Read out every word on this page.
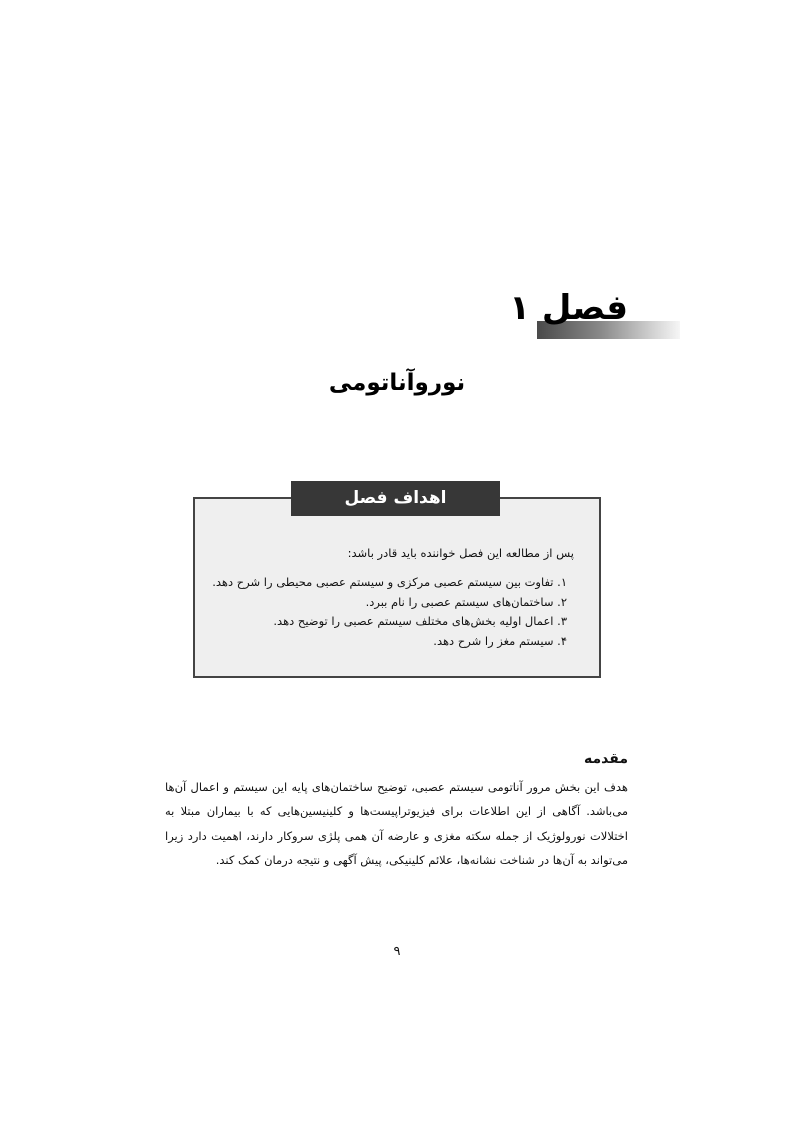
فصل ۱
نوروآناتومی
اهداف فصل

پس از مطالعه این فصل خواننده باید قادر باشد:

۱. تفاوت بین سیستم عصبی مرکزی و سیستم عصبی محیطی را شرح دهد.
۲. ساختمان‌های سیستم عصبی را نام ببرد.
۳. اعمال اولیه بخش‌های مختلف سیستم عصبی را توضیح دهد.
۴. سیستم مغز را شرح دهد.
مقدمه

هدف این بخش مرور آناتومی سیستم عصبی، توضیح ساختمان‌های پایه این سیستم و اعمال آن‌ها می‌باشد. آگاهی از این اطلاعات برای فیزیوتراپیست‌ها و کلینیسین‌هایی که با بیماران مبتلا به اختلالات نورولوژیک از جمله سکته مغزی و عارضه آن همی پلژی سروکار دارند، اهمیت دارد زیرا می‌تواند به آن‌ها در شناخت نشانه‌ها، علائم کلینیکی، پیش آگهی و نتیجه درمان کمک کند.

۹
